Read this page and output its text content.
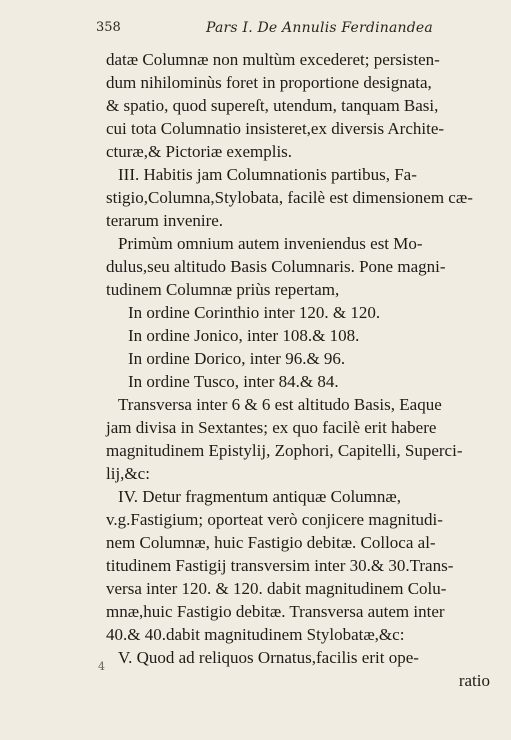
358	Pars I. De Annulis Ferdinandea
datæ Columnæ non multùm excederet; persisten-
dum nihilominùs foret in proportione designata,
& spatio, quod supereſt, utendum, tanquam Basi,
cui tota Columnatio insisteret,ex diversis Archite-
cturæ,& Pictoriæ exemplis.
III. Habitis jam Columnationis partibus, Fa-
stigio,Columna,Stylobata, facilè est dimensionem cæ-
terarum invenire.
Primùm omnium autem inveniendus est Mo-
dulus,seu altitudo Basis Columnaris. Pone magni-
tudinem Columnæ priùs repertam,
In ordine Corinthio inter 120. & 120.
In ordine Jonico, inter 108.& 108.
In ordine Dorico, inter 96.& 96.
In ordine Tusco, inter 84.& 84.
Transversa inter 6 & 6 est altitudo Basis, Eaque
jam divisa in Sextantes; ex quo facilè erit habere
magnitudinem Epistylij, Zophori, Capitelli, Superci-
lij,&c:
IV. Detur fragmentum antiquæ Columnæ,
v.g.Fastigium; oporteat verò conjicere magnitudi-
nem Columnæ, huic Fastigio debitæ. Colloca al-
titudinem Fastigij transversim inter 30.& 30.Trans-
versa inter 120. & 120. dabit magnitudinem Colu-
mnæ,huic Fastigio debitæ. Transversa autem inter
40.& 40.dabit magnitudinem Stylobatæ,&c:
V. Quod ad reliquos Ornatus,facilis erit ope-
ratio
4
